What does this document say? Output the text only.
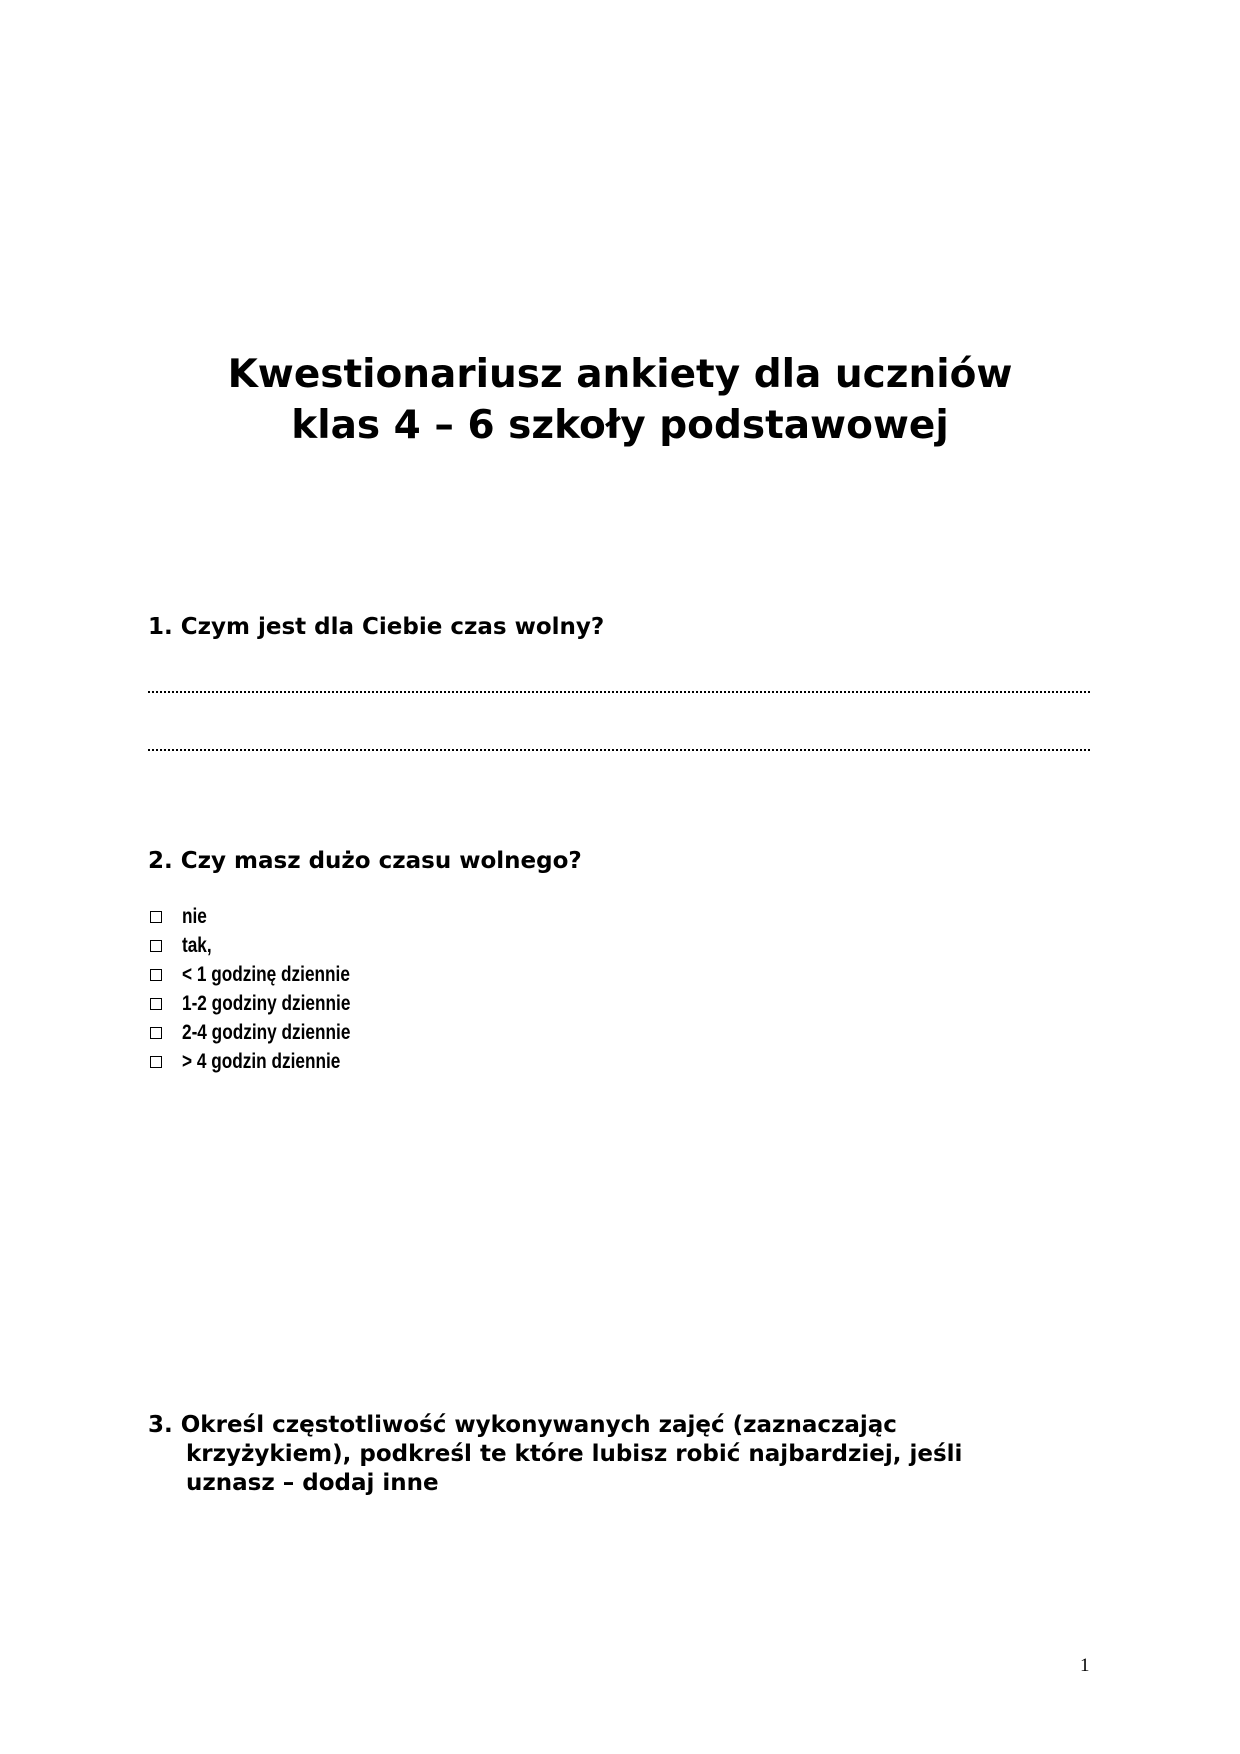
Kwestionariusz ankiety dla uczniów
klas 4 – 6 szkoły podstawowej

1. Czym jest dla Ciebie czas wolny?

2. Czy masz dużo czasu wolnego?

nie
tak,
< 1 godzinę dziennie
1-2 godziny dziennie
2-4 godziny dziennie
> 4 godzin dziennie

3. Określ częstotliwość wykonywanych zajęć (zaznaczając

krzyżykiem), podkreśl te które lubisz robić najbardziej, jeśli

uznasz – dodaj inne

1
